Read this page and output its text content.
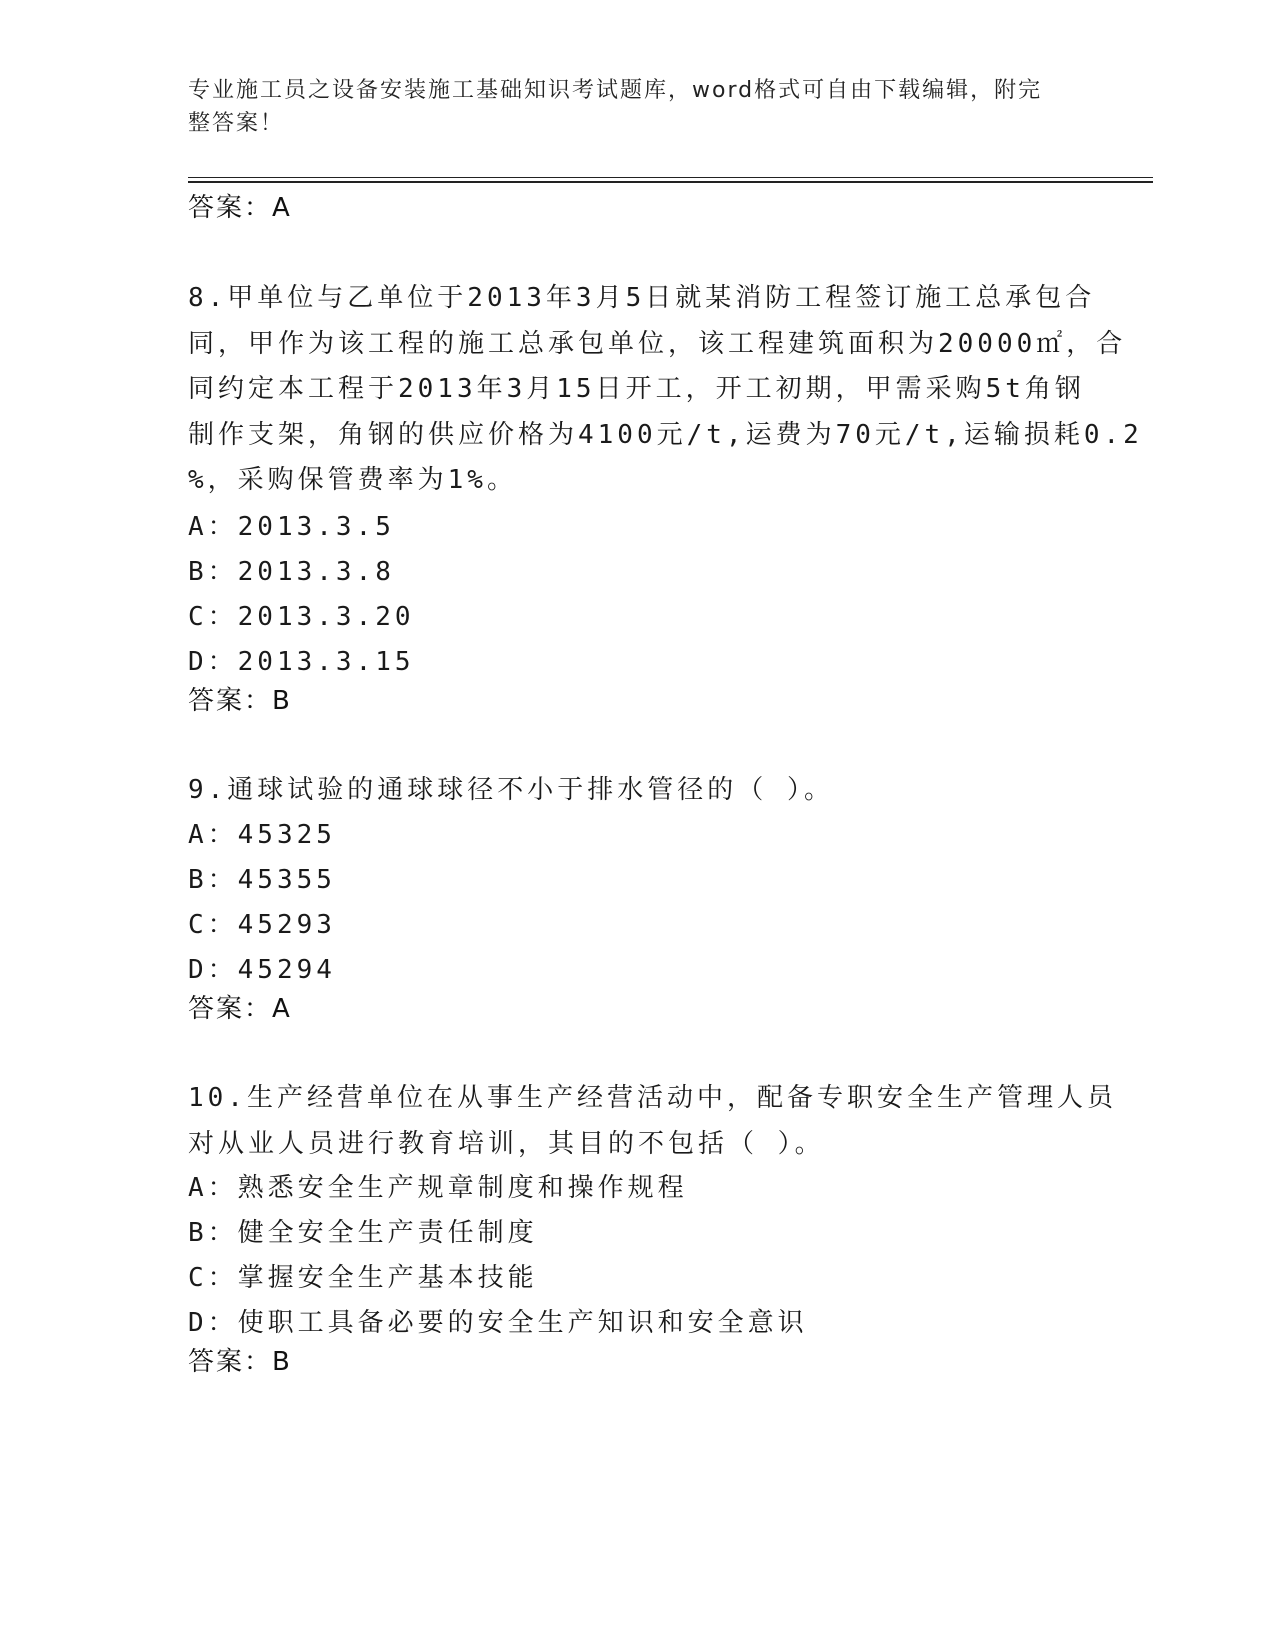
专业施工员之设备安装施工基础知识考试题库，word格式可自由下载编辑，附完
整答案！
答案：A
8.甲单位与乙单位于2013年3月5日就某消防工程签订施工总承包合
同，甲作为该工程的施工总承包单位，该工程建筑面积为20000㎡，合
同约定本工程于2013年3月15日开工，开工初期，甲需采购5t角钢
制作支架，角钢的供应价格为4100元/t,运费为70元/t,运输损耗0.2
%，采购保管费率为1%。
A：2013.3.5
B：2013.3.8
C：2013.3.20
D：2013.3.15
答案：B
9.通球试验的通球球径不小于排水管径的（ ）。
A：45325
B：45355
C：45293
D：45294
答案：A
10.生产经营单位在从事生产经营活动中，配备专职安全生产管理人员
对从业人员进行教育培训，其目的不包括（ ）。
A：熟悉安全生产规章制度和操作规程
B：健全安全生产责任制度
C：掌握安全生产基本技能
D：使职工具备必要的安全生产知识和安全意识
答案：B
